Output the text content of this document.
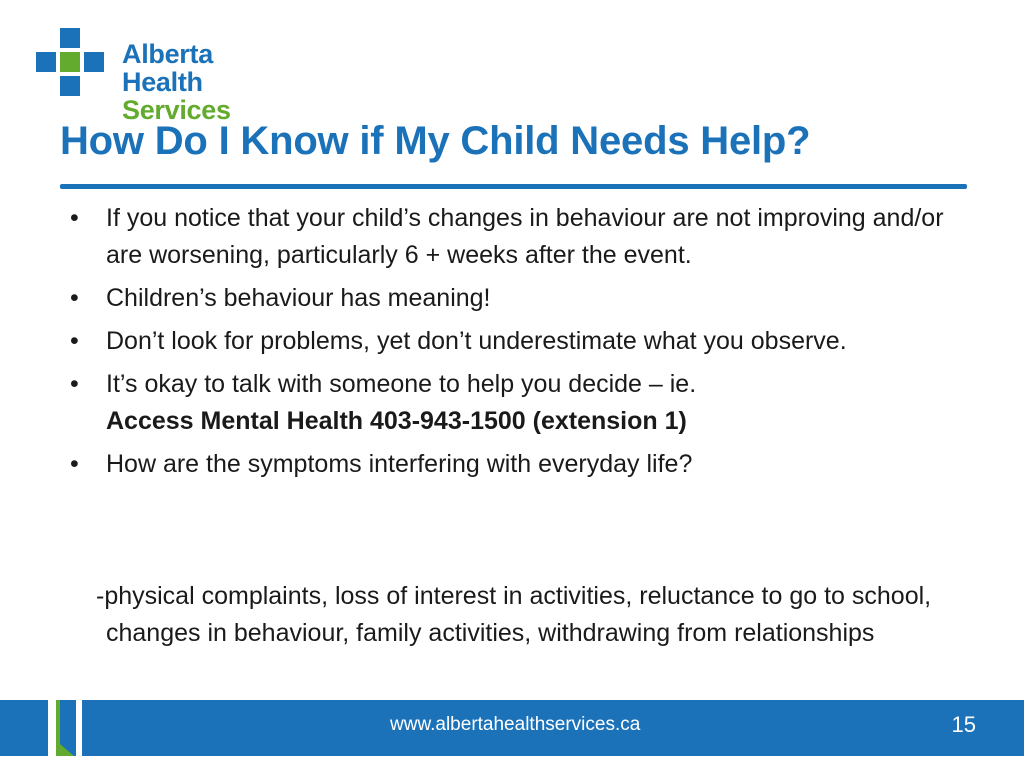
Alberta Health
Services
How Do I Know if My Child Needs Help?
• If you notice that your child’s changes in behaviour are not improving and/or are worsening, particularly 6 + weeks after the event.
• Children’s behaviour has meaning!
• Don’t look for problems, yet don’t underestimate what you observe.
• It’s okay to talk with someone to help you decide – ie.
Access Mental Health 403-943-1500 (extension 1)
• How are the symptoms interfering with everyday life?
-physical complaints, loss of interest in activities, reluctance to go to school, changes in behaviour, family activities, withdrawing from relationships
www.albertahealthservices.ca	15
